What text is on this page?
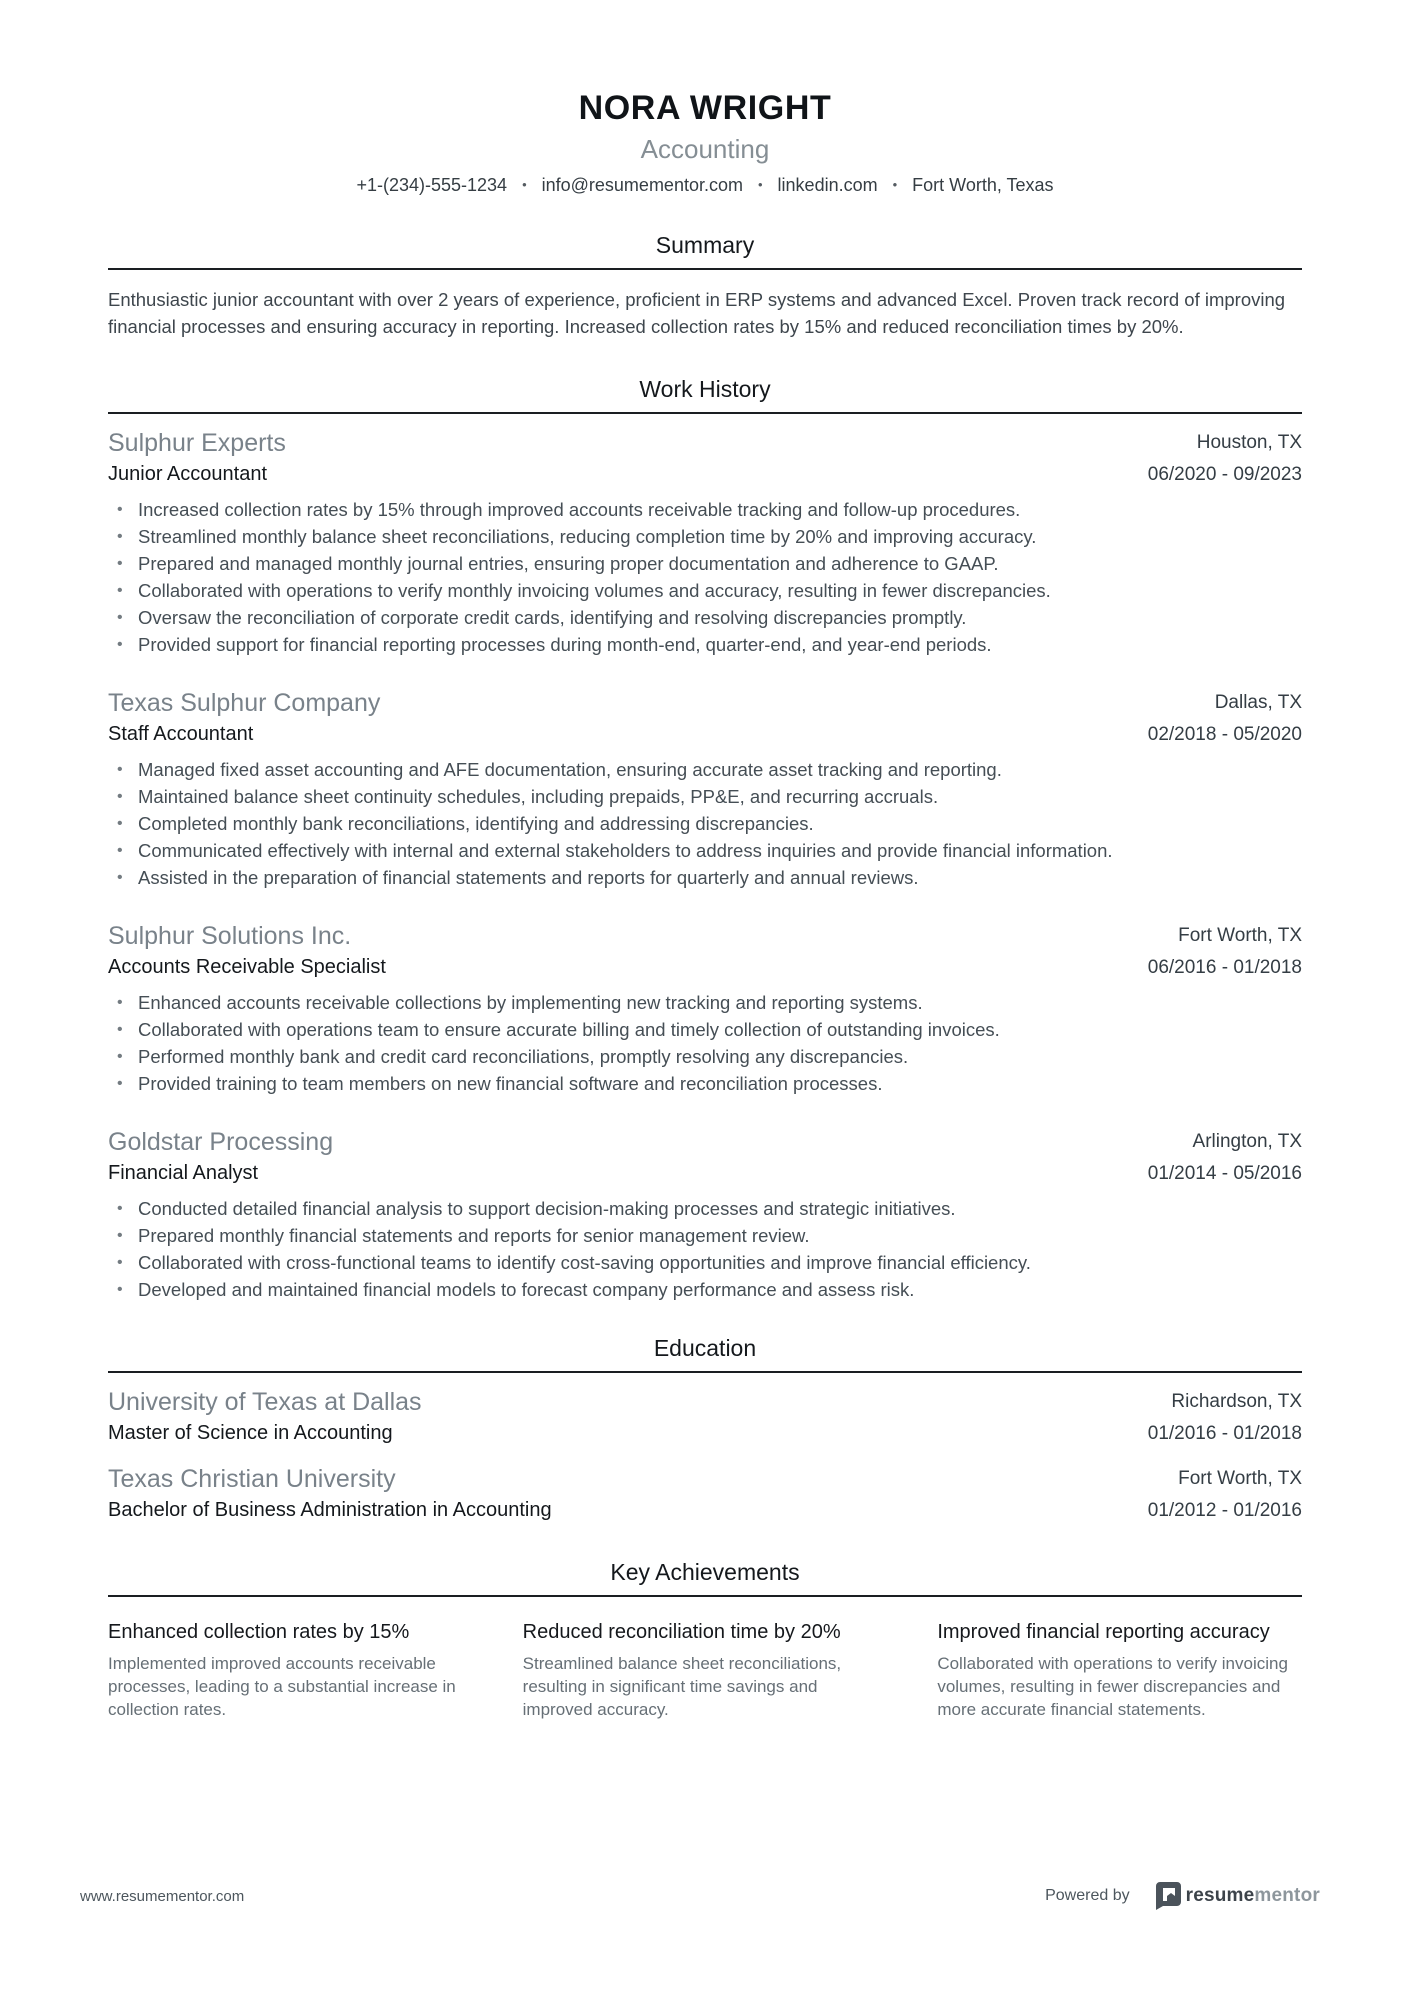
NORA WRIGHT
Accounting
+1-(234)-555-1234 • info@resumementor.com • linkedin.com • Fort Worth, Texas
Summary

Enthusiastic junior accountant with over 2 years of experience, proficient in ERP systems and advanced Excel. Proven track record of improving financial processes and ensuring accuracy in reporting. Increased collection rates by 15% and reduced reconciliation times by 20%.

Work History
Sulphur Experts
Junior Accountant
Houston, TX
06/2020 - 09/2023
• Increased collection rates by 15% through improved accounts receivable tracking and follow-up procedures.
• Streamlined monthly balance sheet reconciliations, reducing completion time by 20% and improving accuracy.
• Prepared and managed monthly journal entries, ensuring proper documentation and adherence to GAAP.
• Collaborated with operations to verify monthly invoicing volumes and accuracy, resulting in fewer discrepancies.
• Oversaw the reconciliation of corporate credit cards, identifying and resolving discrepancies promptly.
• Provided support for financial reporting processes during month-end, quarter-end, and year-end periods.
Texas Sulphur Company
Staff Accountant
Dallas, TX
02/2018 - 05/2020
• Managed fixed asset accounting and AFE documentation, ensuring accurate asset tracking and reporting.
• Maintained balance sheet continuity schedules, including prepaids, PP&E, and recurring accruals.
• Completed monthly bank reconciliations, identifying and addressing discrepancies.
• Communicated effectively with internal and external stakeholders to address inquiries and provide financial information.
• Assisted in the preparation of financial statements and reports for quarterly and annual reviews.
Sulphur Solutions Inc.
Accounts Receivable Specialist
Fort Worth, TX
06/2016 - 01/2018
• Enhanced accounts receivable collections by implementing new tracking and reporting systems.
• Collaborated with operations team to ensure accurate billing and timely collection of outstanding invoices.
• Performed monthly bank and credit card reconciliations, promptly resolving any discrepancies.
• Provided training to team members on new financial software and reconciliation processes.
Goldstar Processing
Financial Analyst
Arlington, TX
01/2014 - 05/2016
• Conducted detailed financial analysis to support decision-making processes and strategic initiatives.
• Prepared monthly financial statements and reports for senior management review.
• Collaborated with cross-functional teams to identify cost-saving opportunities and improve financial efficiency.
• Developed and maintained financial models to forecast company performance and assess risk.
Education
University of Texas at Dallas
Master of Science in Accounting
Richardson, TX
01/2016 - 01/2018
Texas Christian University
Bachelor of Business Administration in Accounting
Fort Worth, TX
01/2012 - 01/2016
Key Achievements
Enhanced collection rates by 15%
Implemented improved accounts receivable processes, leading to a substantial increase in collection rates.
Reduced reconciliation time by 20%
Streamlined balance sheet reconciliations, resulting in significant time savings and improved accuracy.
Improved financial reporting accuracy
Collaborated with operations to verify invoicing volumes, resulting in fewer discrepancies and more accurate financial statements.
www.resumementor.com	Powered by	resumementor
